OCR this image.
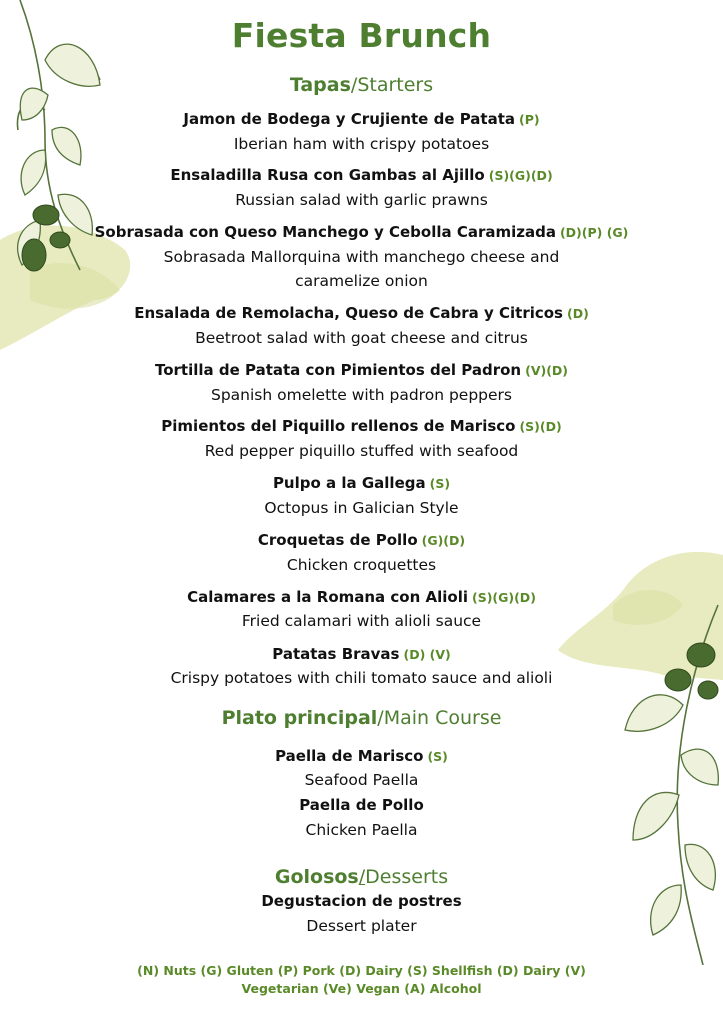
Fiesta Brunch

Tapas/Starters

Jamon de Bodega y Crujiente de Patata (P)

Iberian ham with crispy potatoes

Ensaladilla Rusa con Gambas al Ajillo (S)(G)(D)

Russian salad with garlic prawns

Sobrasada con Queso Manchego y Cebolla Caramizada (D)(P) (G)

Sobrasada Mallorquina with manchego cheese and

caramelize onion

Ensalada de Remolacha, Queso de Cabra y Citricos (D)

Beetroot salad with goat cheese and citrus

Tortilla de Patata con Pimientos del Padron (V)(D)

Spanish omelette with padron peppers

Pimientos del Piquillo rellenos de Marisco (S)(D)

Red pepper piquillo stuffed with seafood

Pulpo a la Gallega (S)

Octopus in Galician Style

Croquetas de Pollo (G)(D)

Chicken croquettes

Calamares a la Romana con Alioli (S)(G)(D)

Fried calamari with alioli sauce

Patatas Bravas (D) (V)

Crispy potatoes with chili tomato sauce and alioli

Plato principal/Main Course

Paella de Marisco (S)

Seafood Paella

Paella de Pollo

Chicken Paella

Golosos/Desserts

Degustacion de postres

Dessert plater

(N) Nuts (G) Gluten (P) Pork (D) Dairy (S) Shellfish (D) Dairy (V)
Vegetarian (Ve) Vegan (A) Alcohol
